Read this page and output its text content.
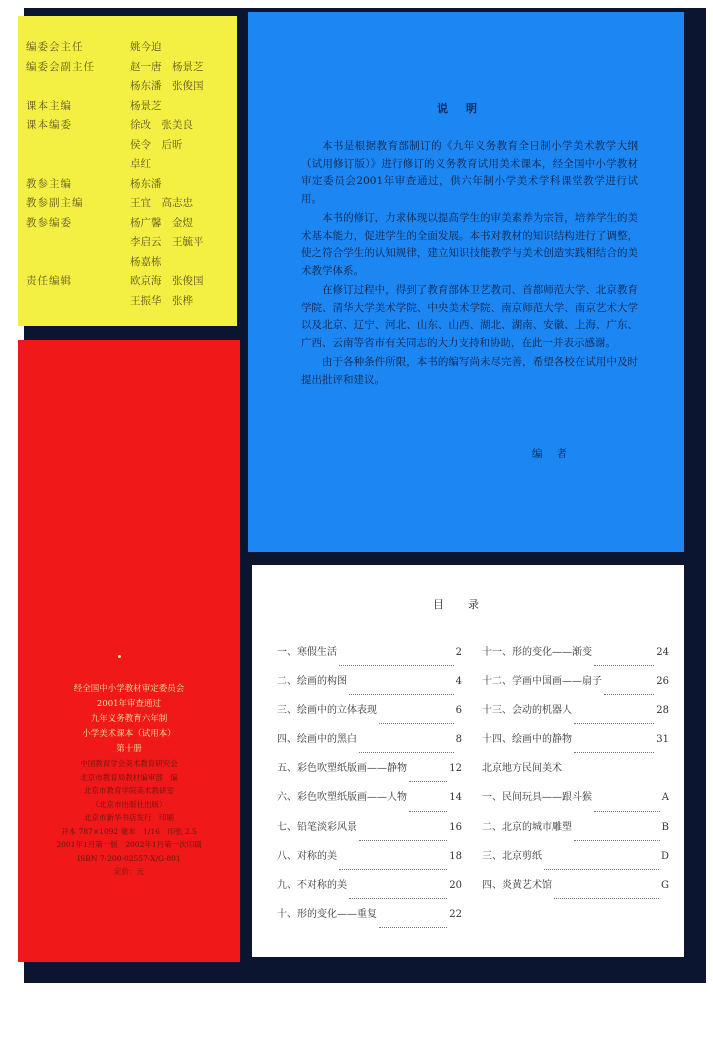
编委会主任	姚今迫
编委会副主任	赵一唐　杨景芝
杨东潘　张俊国
课本主编	杨景芝
课本编委	徐改　张美良
侯令　后昕
卓红
教参主编	杨东潘
教参副主编	王宜　高志忠
教参编委	杨广馨　金煜
李启云　王毓平
杨嘉栋
责任编辑	欧京海　张俊国
王振华　张桦
说明

本书是根据教育部制订的《九年义务教育全日制小学美术教学大纲（试用修订版）》进行修订的义务教育试用美术课本，经全国中小学教材审定委员会2001年审查通过，供六年制小学美术学科课堂教学进行试用。

本书的修订，力求体现以提高学生的审美素养为宗旨，培养学生的美术基本能力，促进学生的全面发展。本书对教材的知识结构进行了调整，使之符合学生的认知规律，建立知识技能教学与美术创造实践相结合的美术教学体系。

在修订过程中，得到了教育部体卫艺教司、首都师范大学、北京教育学院、清华大学美术学院、中央美术学院、南京师范大学、南京艺术大学以及北京、辽宁、河北、山东、山西、湖北、湖南、安徽、上海、广东、广西、云南等省市有关同志的大力支持和协助，在此一并表示感谢。

由于各种条件所限，本书的编写尚未尽完善，希望各校在试用中及时提出批评和建议。

编者
经全国中小学教材审定委员会
2001年审查通过
九年义务教育六年制
小学美术课本（试用本）
第十册
中国教育学会美术教育研究会
北京市教育局教材编审部　编
北京市教育学院美术教研室
（北京市出版社出版）
北京市新华书店发行　印刷
开本 787×1092 毫米　1/16　印张 2.5
2001年1月第一版　2002年1月第一次印刷
ISBN 7-200-02557-X/G·801
定价：元
目录
一、寒假生活	2
二、绘画的构图	4
三、绘画中的立体表现	6
四、绘画中的黑白	8
五、彩色吹塑纸版画——静物	12
六、彩色吹塑纸版画——人物	14
七、铅笔淡彩风景	16
八、对称的美	18
九、不对称的美	20
十、形的变化——重复	22
十一、形的变化——渐变	24
十二、学画中国画——扇子	26
十三、会动的机器人	28
十四、绘画中的静物	31
北京地方民间美术
一、民间玩具——跟斗猴	A
二、北京的城市雕塑	B
三、北京剪纸	D
四、炎黄艺术馆	G
